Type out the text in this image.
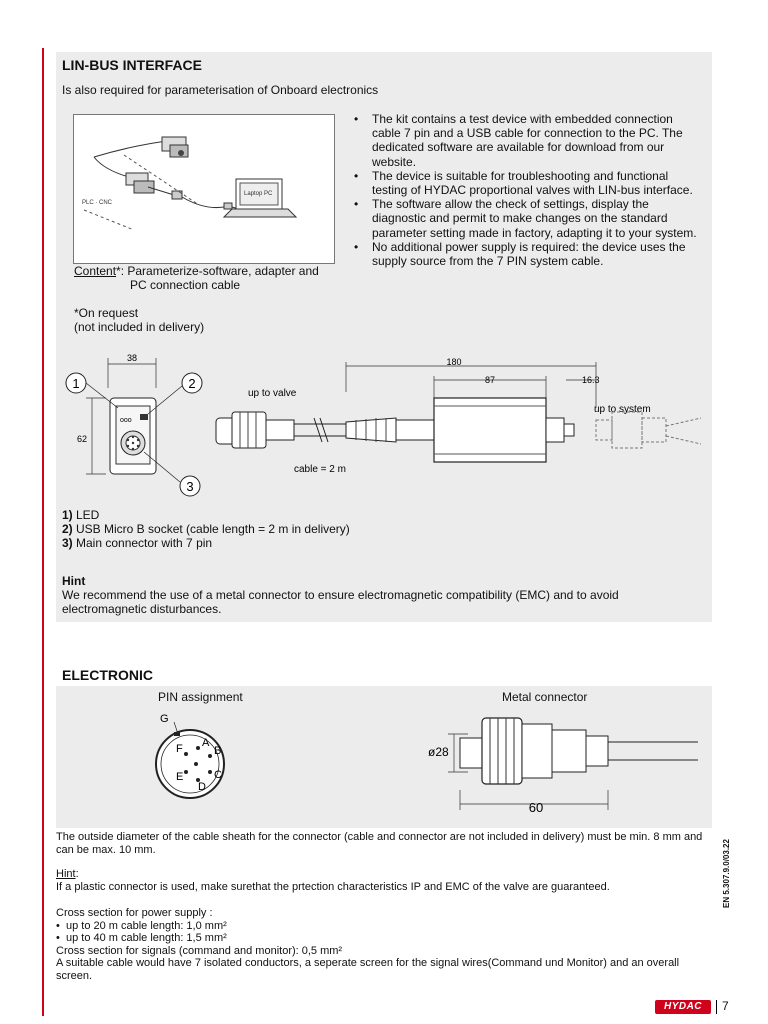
LIN-BUS INTERFACE
Is also required for parameterisation of Onboard electronics
PLC · CNC
Laptop PC
Content*: Parameterize-software, adapter and
PC connection cable
*On request
(not included in delivery)
• The kit contains a test device with embedded connection cable 7 pin and a USB cable for connection to the PC. The dedicated software are available for download from our website.
• The device is suitable for troubleshooting and functional testing of HYDAC proportional valves with LIN-bus interface.
• The software allow the check of settings, display the diagnostic and permit to make changes on the standard parameter setting made in factory, adapting it to your system.
• No additional power supply is required: the device uses the supply source from the 7 PIN system cable.
38
62
ooo
1	2
3
180
87	16.3
up to valve
up to system
cable = 2 m
1) LED
2) USB Micro B socket (cable length = 2 m in delivery)
3) Main connector with 7 pin
Hint
We recommend the use of a metal connector to ensure electromagnetic compatibility (EMC) and to avoid electromagnetic disturbances.
ELECTRONIC
PIN assignment	Metal connector
G
A
B
C
D
E
F	ø28
60
The outside diameter of the cable sheath for the connector (cable and connector are not included in delivery) must be min. 8 mm and can be max. 10 mm.
Hint:
If a plastic connector is used, make surethat the prtection characteristics IP and EMC of the valve are guaranteed.
Cross section for power supply :
•  up to 20 m cable length: 1,0 mm²
•  up to 40 m cable length: 1,5 mm²
Cross section for signals (command and monitor): 0,5 mm²
A suitable cable would have 7 isolated conductors, a seperate screen for the signal wires(Command und Monitor) and an overall screen.
EN 5.307.9.0/03.22
HYDAC	7
